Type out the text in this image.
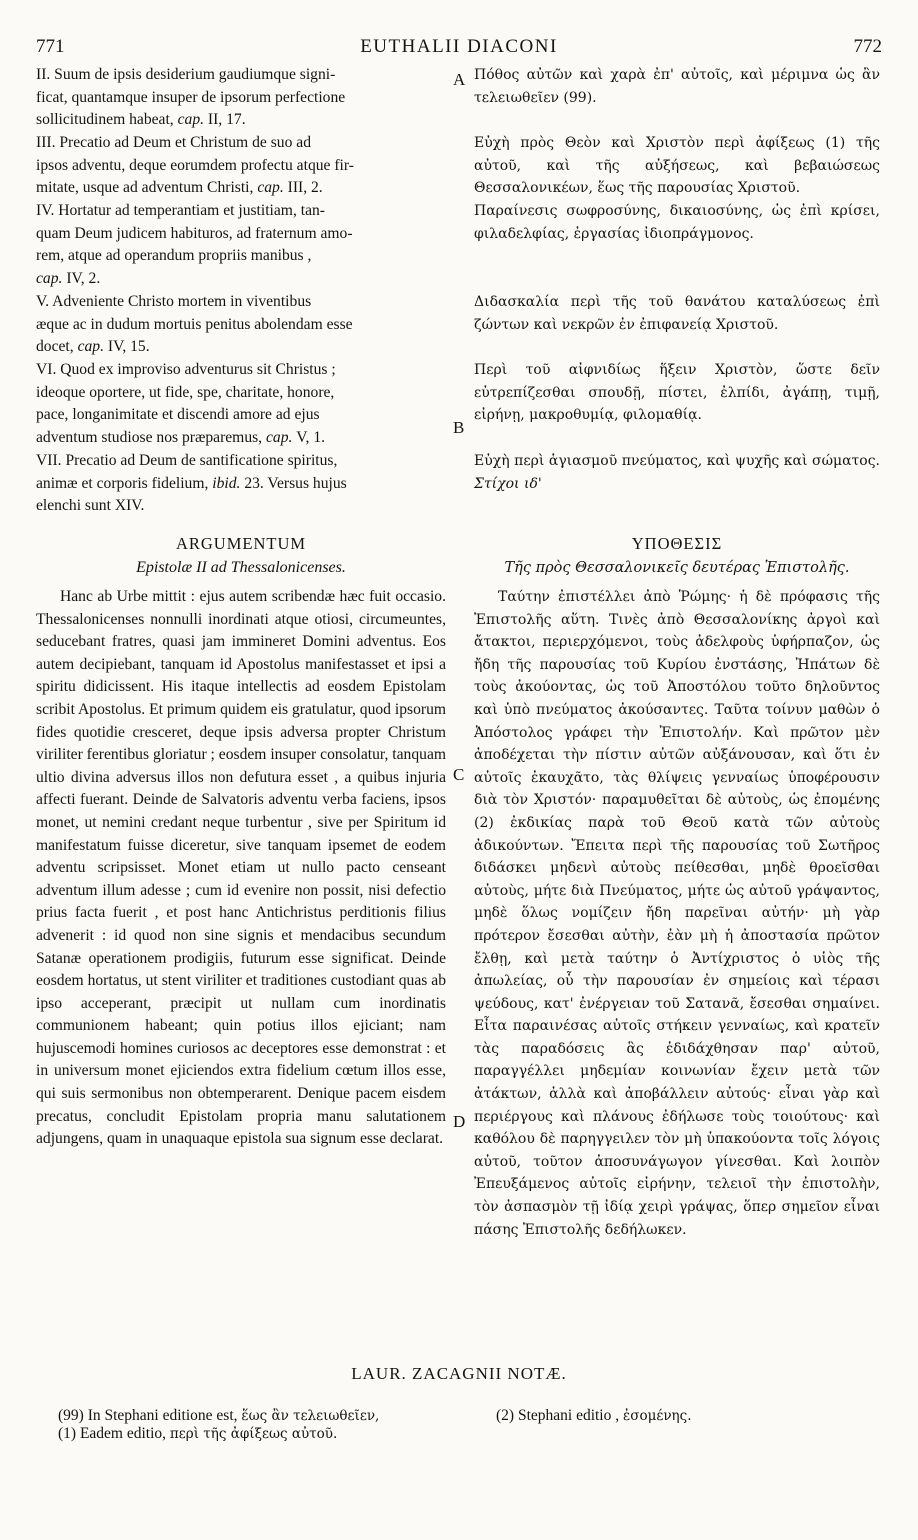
771	EUTHALII DIACONI	772
A
B
C
D
II. Suum de ipsis desiderium gaudiumque signi-
ficat, quantamque insuper de ipsorum perfectione
sollicitudinem habeat, cap. II, 17.
III. Precatio ad Deum et Christum de suo ad
ipsos adventu, deque eorumdem profectu atque fir-
mitate, usque ad adventum Christi, cap. III, 2.
IV. Hortatur ad temperantiam et justitiam, tan-
quam Deum judicem habituros, ad fraternum amo-
rem, atque ad operandum propriis manibus ,
cap. IV, 2.
V. Adveniente Christo mortem in viventibus
æque ac in dudum mortuis penitus abolendam esse
docet, cap. IV, 15.
VI. Quod ex improviso adventurus sit Christus ;
ideoque oportere, ut fide, spe, charitate, honore,
pace, longanimitate et discendi amore ad ejus
adventum studiose nos præparemus, cap. V, 1.
VII. Precatio ad Deum de santificatione spiritus,
animæ et corporis fidelium, ibid. 23. Versus hujus
elenchi sunt XIV.
ARGUMENTUM
Epistolæ II ad Thessalonicenses.
Hanc ab Urbe mittit : ejus autem scribendæ hæc fuit occasio. Thessalonicenses nonnulli inordinati atque otiosi, circumeuntes, seducebant fratres, quasi jam immineret Domini adventus. Eos autem decipiebant, tanquam id Apostolus manifestasset et ipsi a spiritu didicissent. His itaque intellectis ad eosdem Epistolam scribit Apostolus. Et primum quidem eis gratulatur, quod ipsorum fides quotidie cresceret, deque ipsis adversa propter Christum viriliter ferentibus gloriatur ; eosdem insuper consolatur, tanquam ultio divina adversus illos non defutura esset , a quibus injuria affecti fuerant. Deinde de Salvatoris adventu verba faciens, ipsos monet, ut nemini credant neque turbentur , sive per Spiritum id manifestatum fuisse diceretur, sive tanquam ipsemet de eodem adventu scripsisset. Monet etiam ut nullo pacto censeant adventum illum adesse ; cum id evenire non possit, nisi defectio prius facta fuerit , et post hanc Antichristus perditionis filius advenerit : id quod non sine signis et mendacibus secundum Satanæ operationem prodigiis, futurum esse significat. Deinde eosdem hortatus, ut stent viriliter et traditiones custodiant quas ab ipso acceperant, præcipit ut nullam cum inordinatis communionem habeant; quin potius illos ejiciant; nam hujuscemodi homines curiosos ac deceptores esse demonstrat : et in universum monet ejiciendos extra fidelium cœtum illos esse, qui suis sermonibus non obtemperarent. Denique pacem eisdem precatus, concludit Epistolam propria manu salutationem adjungens, quam in unaquaque epistola sua signum esse declarat.
Πόθος αὐτῶν καὶ χαρὰ ἐπ' αὐτοῖς, καὶ μέριμνα ὡς ἂν τελειωθεῖεν (99).
Εὐχὴ πρὸς Θεὸν καὶ Χριστὸν περὶ ἀφίξεως (1) τῆς αὐτοῦ, καὶ τῆς αὐξήσεως, καὶ βεβαιώσεως Θεσσαλονικέων, ἕως τῆς παρουσίας Χριστοῦ.
Παραίνεσις σωφροσύνης, δικαιοσύνης, ὡς ἐπὶ κρίσει, φιλαδελφίας, ἐργασίας ἰδιοπράγμονος.
Διδασκαλία περὶ τῆς τοῦ θανάτου καταλύσεως ἐπὶ ζώντων καὶ νεκρῶν ἐν ἐπιφανείᾳ Χριστοῦ.
Περὶ τοῦ αἰφνιδίως ἥξειν Χριστὸν, ὥστε δεῖν εὐτρεπίζεσθαι σπουδῇ, πίστει, ἐλπίδι, ἀγάπῃ, τιμῇ, εἰρήνῃ, μακροθυμίᾳ, φιλομαθίᾳ.
Εὐχὴ περὶ ἁγιασμοῦ πνεύματος, καὶ ψυχῆς καὶ σώματος. Στίχοι ιδ'
ΥΠΟΘΕΣΙΣ
Τῆς πρὸς Θεσσαλονικεῖς δευτέρας Ἐπιστολῆς.
Ταύτην ἐπιστέλλει ἀπὸ Ῥώμης· ἡ δὲ πρόφασις τῆς Ἐπιστολῆς αὕτη. Τινὲς ἀπὸ Θεσσαλονίκης ἀργοὶ καὶ ἄτακτοι, περιερχόμενοι, τοὺς ἀδελφοὺς ὑφήρπαζον, ὡς ἤδη τῆς παρουσίας τοῦ Κυρίου ἐνστάσης, Ἠπάτων δὲ τοὺς ἀκούοντας, ὡς τοῦ Ἀποστόλου τοῦτο δηλοῦντος καὶ ὑπὸ πνεύματος ἀκούσαντες. Ταῦτα τοίνυν μαθὼν ὁ Ἀπόστολος γράφει τὴν Ἐπιστολήν. Καὶ πρῶτον μὲν ἀποδέχεται τὴν πίστιν αὐτῶν αὐξάνουσαν, καὶ ὅτι ἐν αὐτοῖς ἐκαυχᾶτο, τὰς θλίψεις γενναίως ὑποφέρουσιν διὰ τὸν Χριστόν· παραμυθεῖται δὲ αὐτοὺς, ὡς ἐπομένης (2) ἐκδικίας παρὰ τοῦ Θεοῦ κατὰ τῶν αὐτοὺς ἀδικούντων. Ἔπειτα περὶ τῆς παρουσίας τοῦ Σωτῆρος διδάσκει μηδενὶ αὐτοὺς πείθεσθαι, μηδὲ θροεῖσθαι αὐτοὺς, μήτε διὰ Πνεύματος, μήτε ὡς αὐτοῦ γράψαντος, μηδὲ ὅλως νομίζειν ἤδη παρεῖναι αὐτήν· μὴ γὰρ πρότερον ἔσεσθαι αὐτὴν, ἐὰν μὴ ἡ ἀποστασία πρῶτον ἔλθῃ, καὶ μετὰ ταύτην ὁ Ἀντίχριστος ὁ υἱὸς τῆς ἀπωλείας, οὗ τὴν παρουσίαν ἐν σημείοις καὶ τέρασι ψεύδους, κατ' ἐνέργειαν τοῦ Σατανᾶ, ἔσεσθαι σημαίνει. Εἶτα παραινέσας αὐτοῖς στήκειν γενναίως, καὶ κρατεῖν τὰς παραδόσεις ἃς ἐδιδάχθησαν παρ' αὐτοῦ, παραγγέλλει μηδεμίαν κοινωνίαν ἔχειν μετὰ τῶν ἀτάκτων, ἀλλὰ καὶ ἀποβάλλειν αὐτούς· εἶναι γὰρ καὶ περιέργους καὶ πλάνους ἐδήλωσε τοὺς τοιούτους· καὶ καθόλου δὲ παρηγγειλεν τὸν μὴ ὑπακούοντα τοῖς λόγοις αὐτοῦ, τοῦτον ἀποσυνάγωγον γίνεσθαι. Καὶ λοιπὸν Ἐπευξάμενος αὐτοῖς εἰρήνην, τελειοῖ τὴν ἐπιστολὴν, τὸν ἀσπασμὸν τῇ ἰδίᾳ χειρὶ γράψας, ὅπερ σημεῖον εἶναι πάσης Ἐπιστολῆς δεδήλωκεν.
LAUR. ZACAGNII NOTÆ.
(99) In Stephani editione est, ἕως ἂν τελειωθεῖεν,
(1) Eadem editio, περὶ τῆς ἀφίξεως αὐτοῦ.
(2) Stephani editio , ἐσομένης.
